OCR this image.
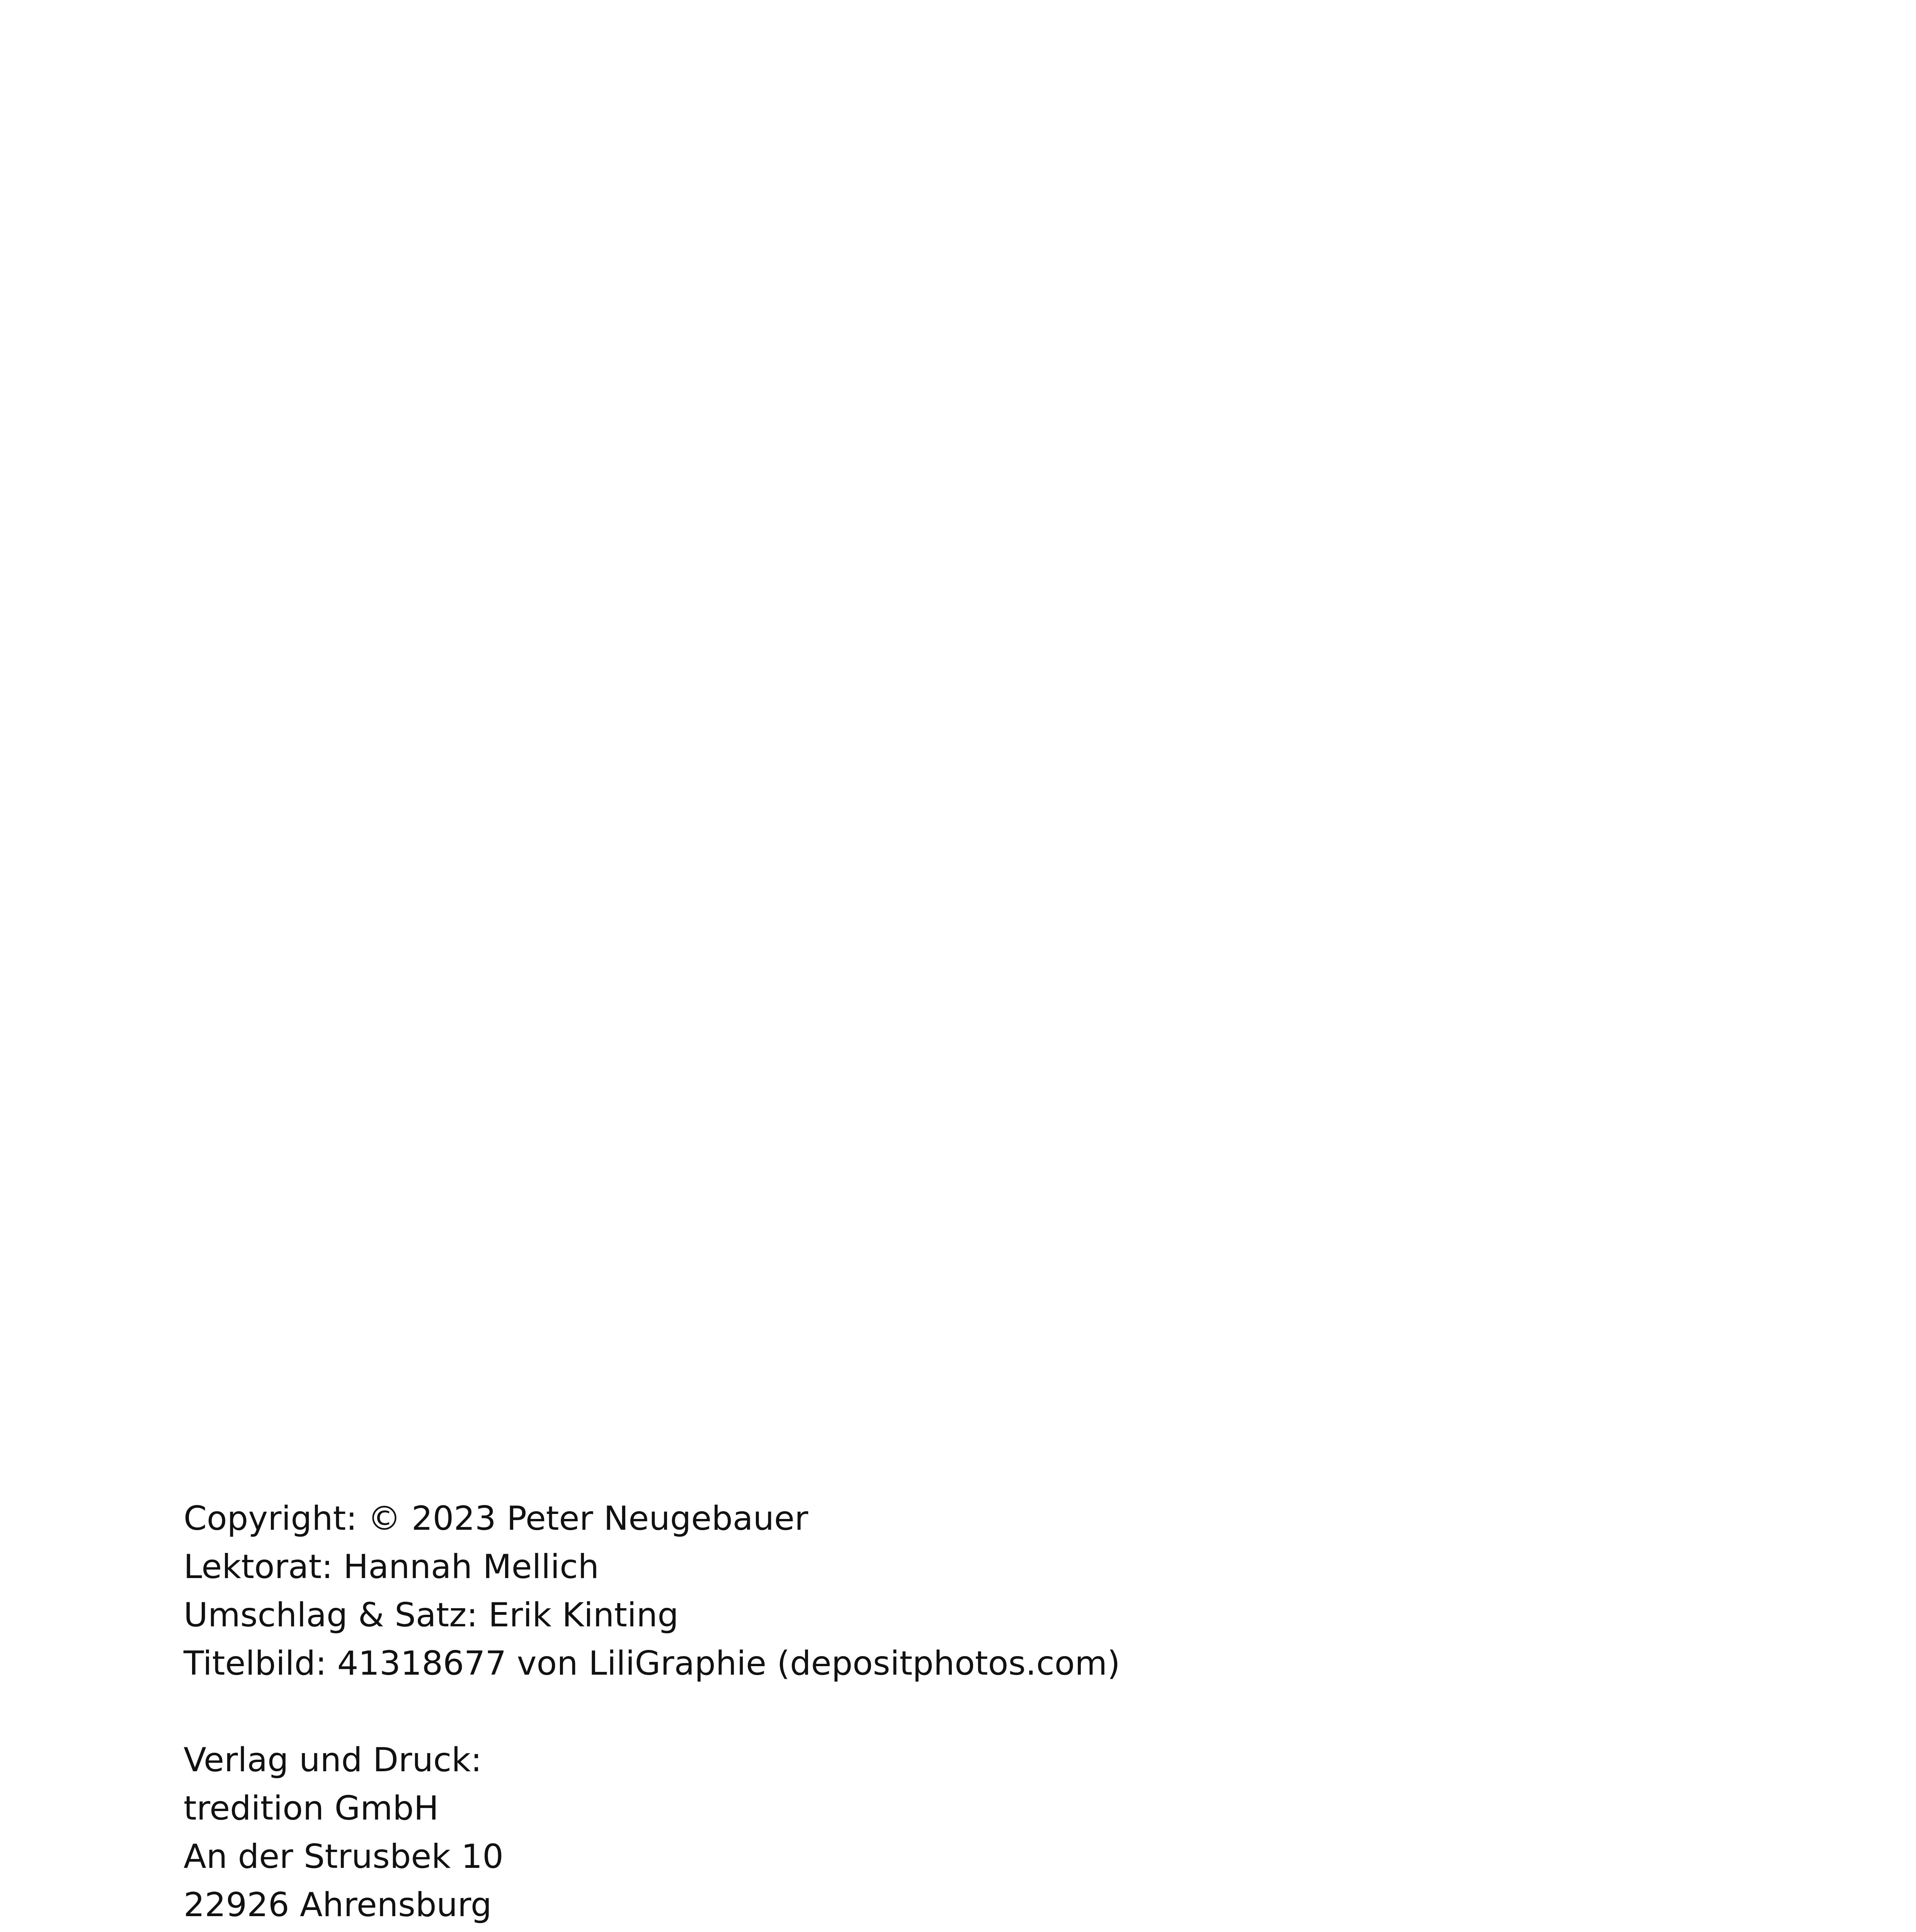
Copyright: © 2023 Peter Neugebauer
Lektorat: Hannah Mellich
Umschlag & Satz: Erik Kinting
Titelbild: 41318677 von LiliGraphie (depositphotos.com)
Verlag und Druck:
tredition GmbH
An der Strusbek 10
22926 Ahrensburg
